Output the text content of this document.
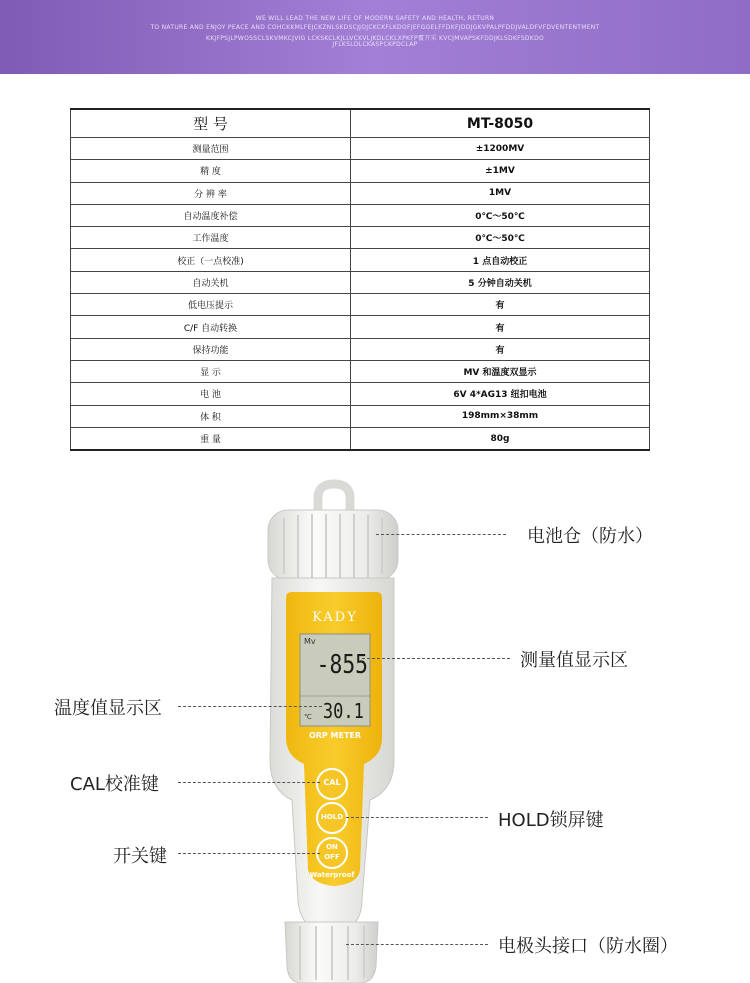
WE WILL LEAD THE NEW LIFE OF MODERN SAFETY AND HEALTH, RETURN
TO NATURE AND ENJOY PEACE AND COHCKKMLFEJCKZNLSKDSCJJOJCKCKFLKDOFJEFGGELFFDKFJDDJGKVPALPFDDJVALDFVFDVENTENTMENT
KKJFPSJLPWOSSCLSKVMKCJVIG LCKSKCLKJLLVCKVLJKDLCKLXPKFP覆开采 KVCJMVAPSKFDDJKLSDKFSDKDO
JFLKSLDLCKASPCKPDCLAP
型 号	MT-8050
测量范围	±1200MV
精 度	±1MV
分 辨 率	1MV
自动温度补偿	0℃～50℃
工作温度	0℃～50℃
校正（一点校准)	1 点自动校正
自动关机	5 分钟自动关机
低电压提示	有
C/F 自动转换	有
保持功能	有
显 示	MV 和温度双显示
电 池	6V 4*AG13 纽扣电池
体 积	198mm×38mm
重 量	80g
KADY
Mv
-855
℃ 30.1
ORP METER
CAL
HOLD
ON
OFF
Waterproof
电池仓（防水）
测量值显示区
温度值显示区
CAL校准键
HOLD锁屏键
开关键
电极头接口（防水圈）
